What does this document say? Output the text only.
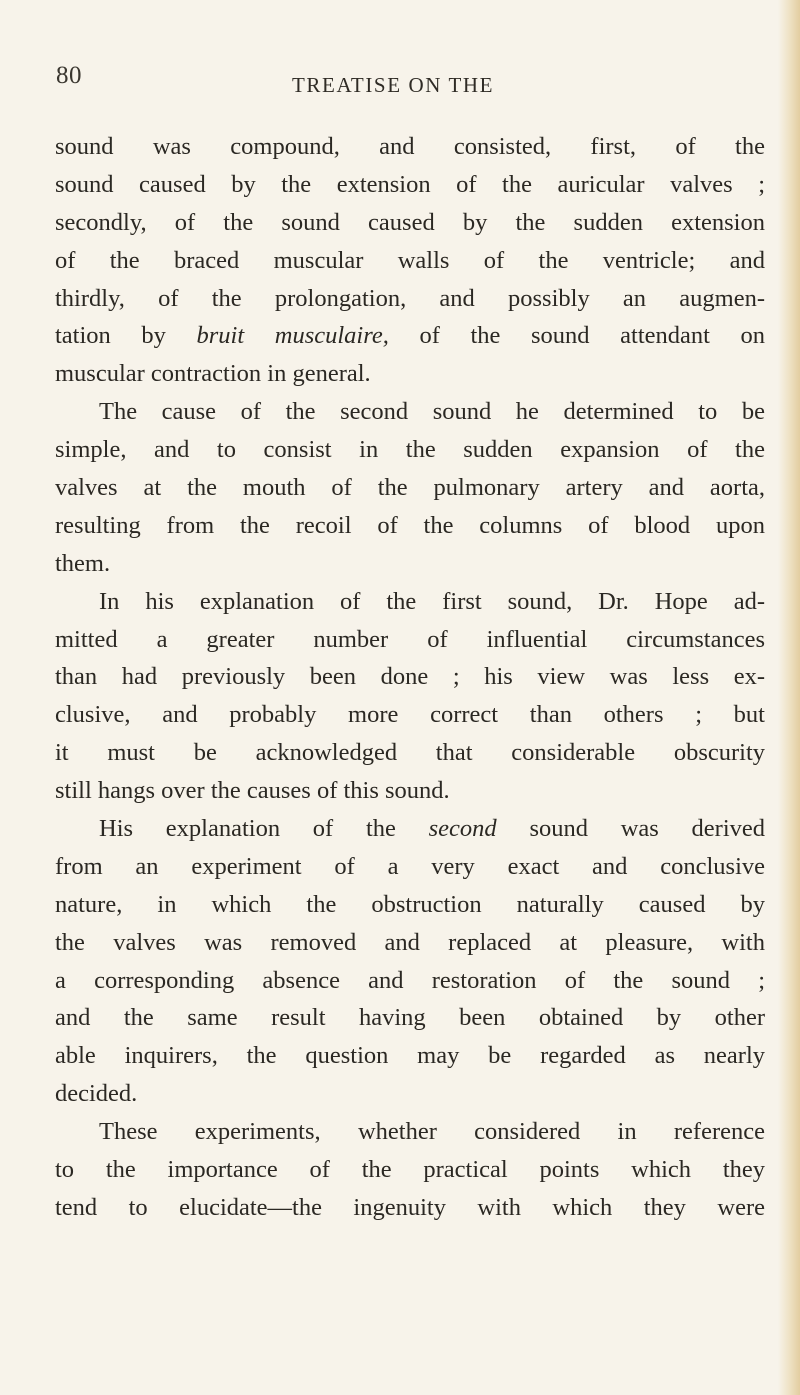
80	TREATISE ON THE
sound was compound, and consisted, first, of the
sound caused by the extension of the auricular valves ;
secondly, of the sound caused by the sudden extension
of the braced muscular walls of the ventricle; and
thirdly, of the prolongation, and possibly an augmen-
tation by bruit musculaire, of the sound attendant on
muscular contraction in general.
The cause of the second sound he determined to be
simple, and to consist in the sudden expansion of the
valves at the mouth of the pulmonary artery and aorta,
resulting from the recoil of the columns of blood upon
them.
In his explanation of the first sound, Dr. Hope ad-
mitted a greater number of influential circumstances
than had previously been done ; his view was less ex-
clusive, and probably more correct than others ; but
it must be acknowledged that considerable obscurity
still hangs over the causes of this sound.
His explanation of the second sound was derived
from an experiment of a very exact and conclusive
nature, in which the obstruction naturally caused by
the valves was removed and replaced at pleasure, with
a corresponding absence and restoration of the sound ;
and the same result having been obtained by other
able inquirers, the question may be regarded as nearly
decided.
These experiments, whether considered in reference
to the importance of the practical points which they
tend to elucidate—the ingenuity with which they were
